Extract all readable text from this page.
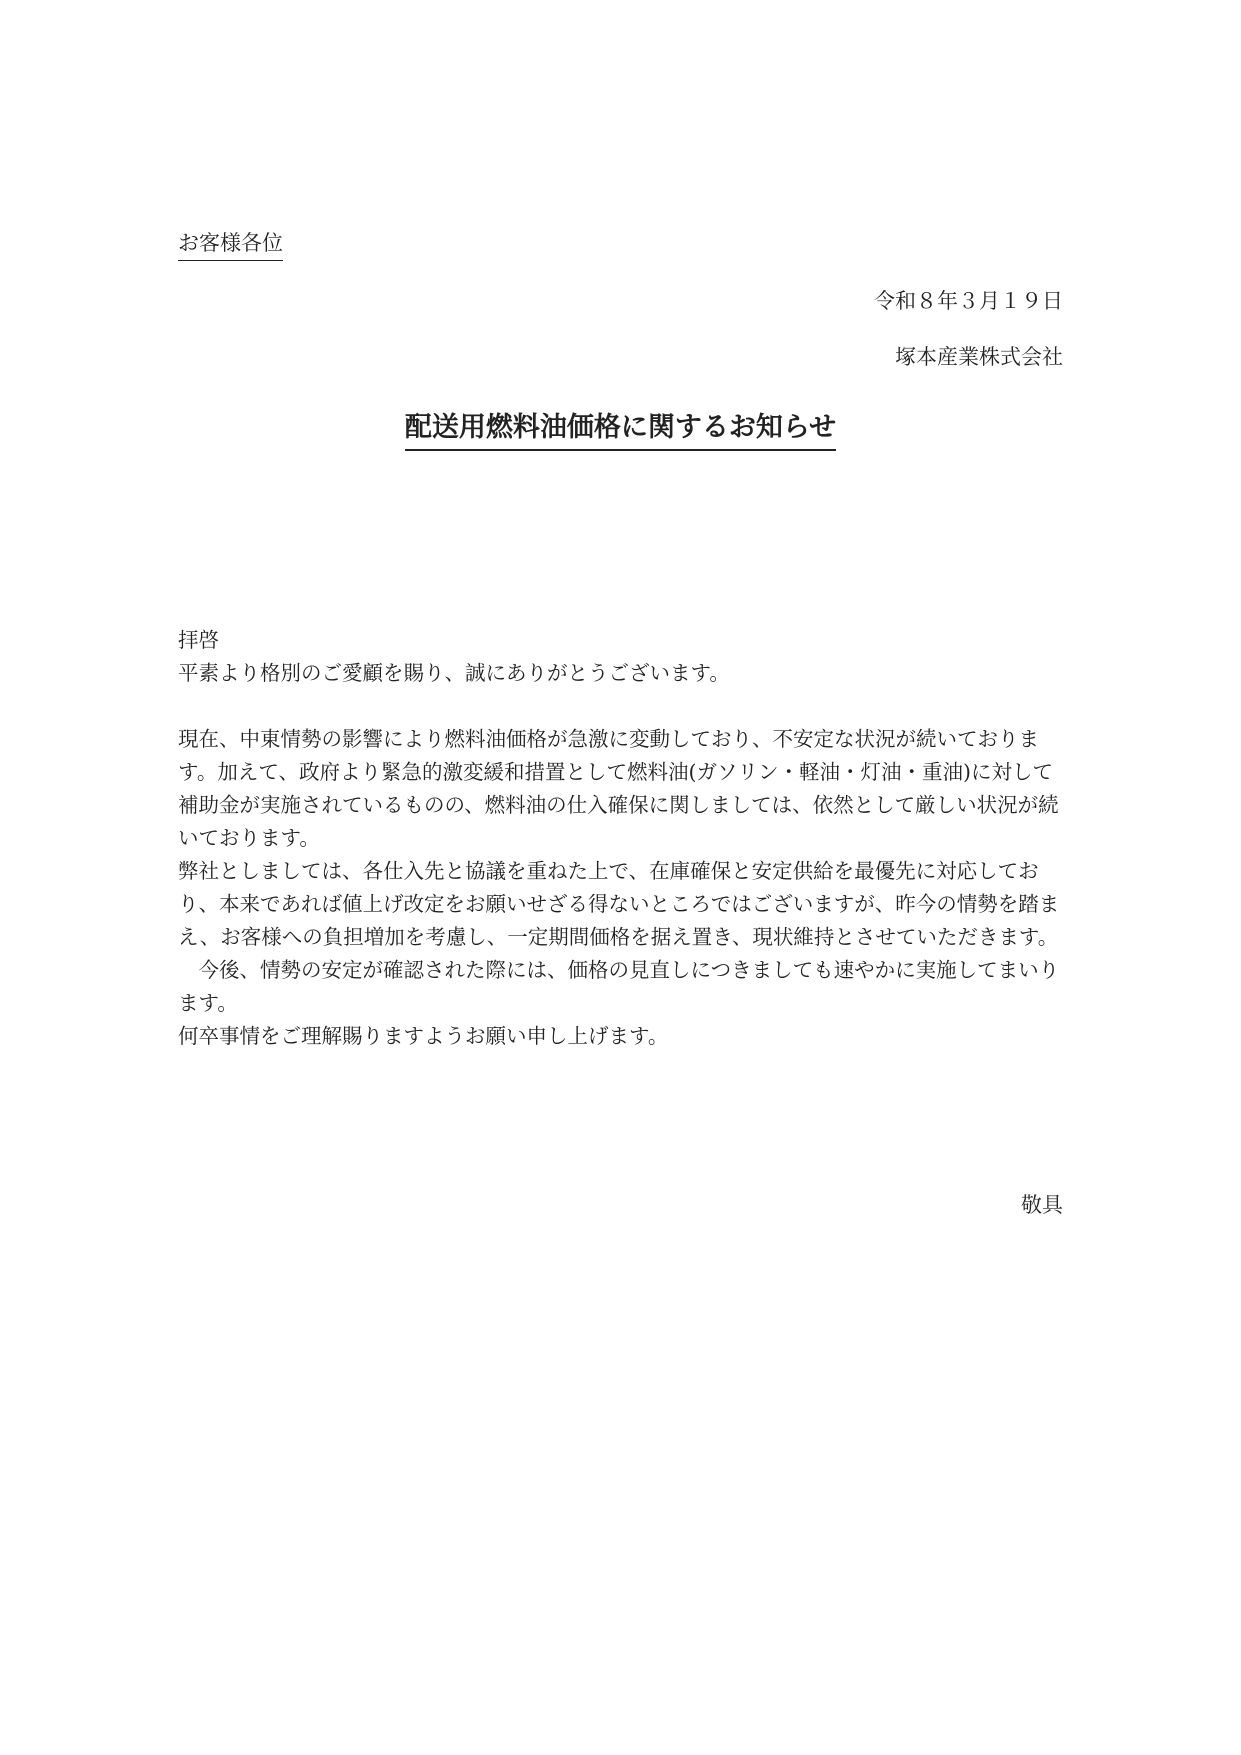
お客様各位
令和８年３月１９日
塚本産業株式会社
配送用燃料油価格に関するお知らせ

拝啓

平素より格別のご愛顧を賜り、誠にありがとうございます。

現在、中東情勢の影響により燃料油価格が急激に変動しており、不安定な状況が続いております。加えて、政府より緊急的激変緩和措置として燃料油(ガソリン・軽油・灯油・重油)に対して補助金が実施されているものの、燃料油の仕入確保に関しましては、依然として厳しい状況が続いております。

弊社としましては、各仕入先と協議を重ねた上で、在庫確保と安定供給を最優先に対応しており、本来であれば値上げ改定をお願いせざる得ないところではございますが、昨今の情勢を踏まえ、お客様への負担増加を考慮し、一定期間価格を据え置き、現状維持とさせていただきます。

　今後、情勢の安定が確認された際には、価格の見直しにつきましても速やかに実施してまいります。

何卒事情をご理解賜りますようお願い申し上げます。

敬具
